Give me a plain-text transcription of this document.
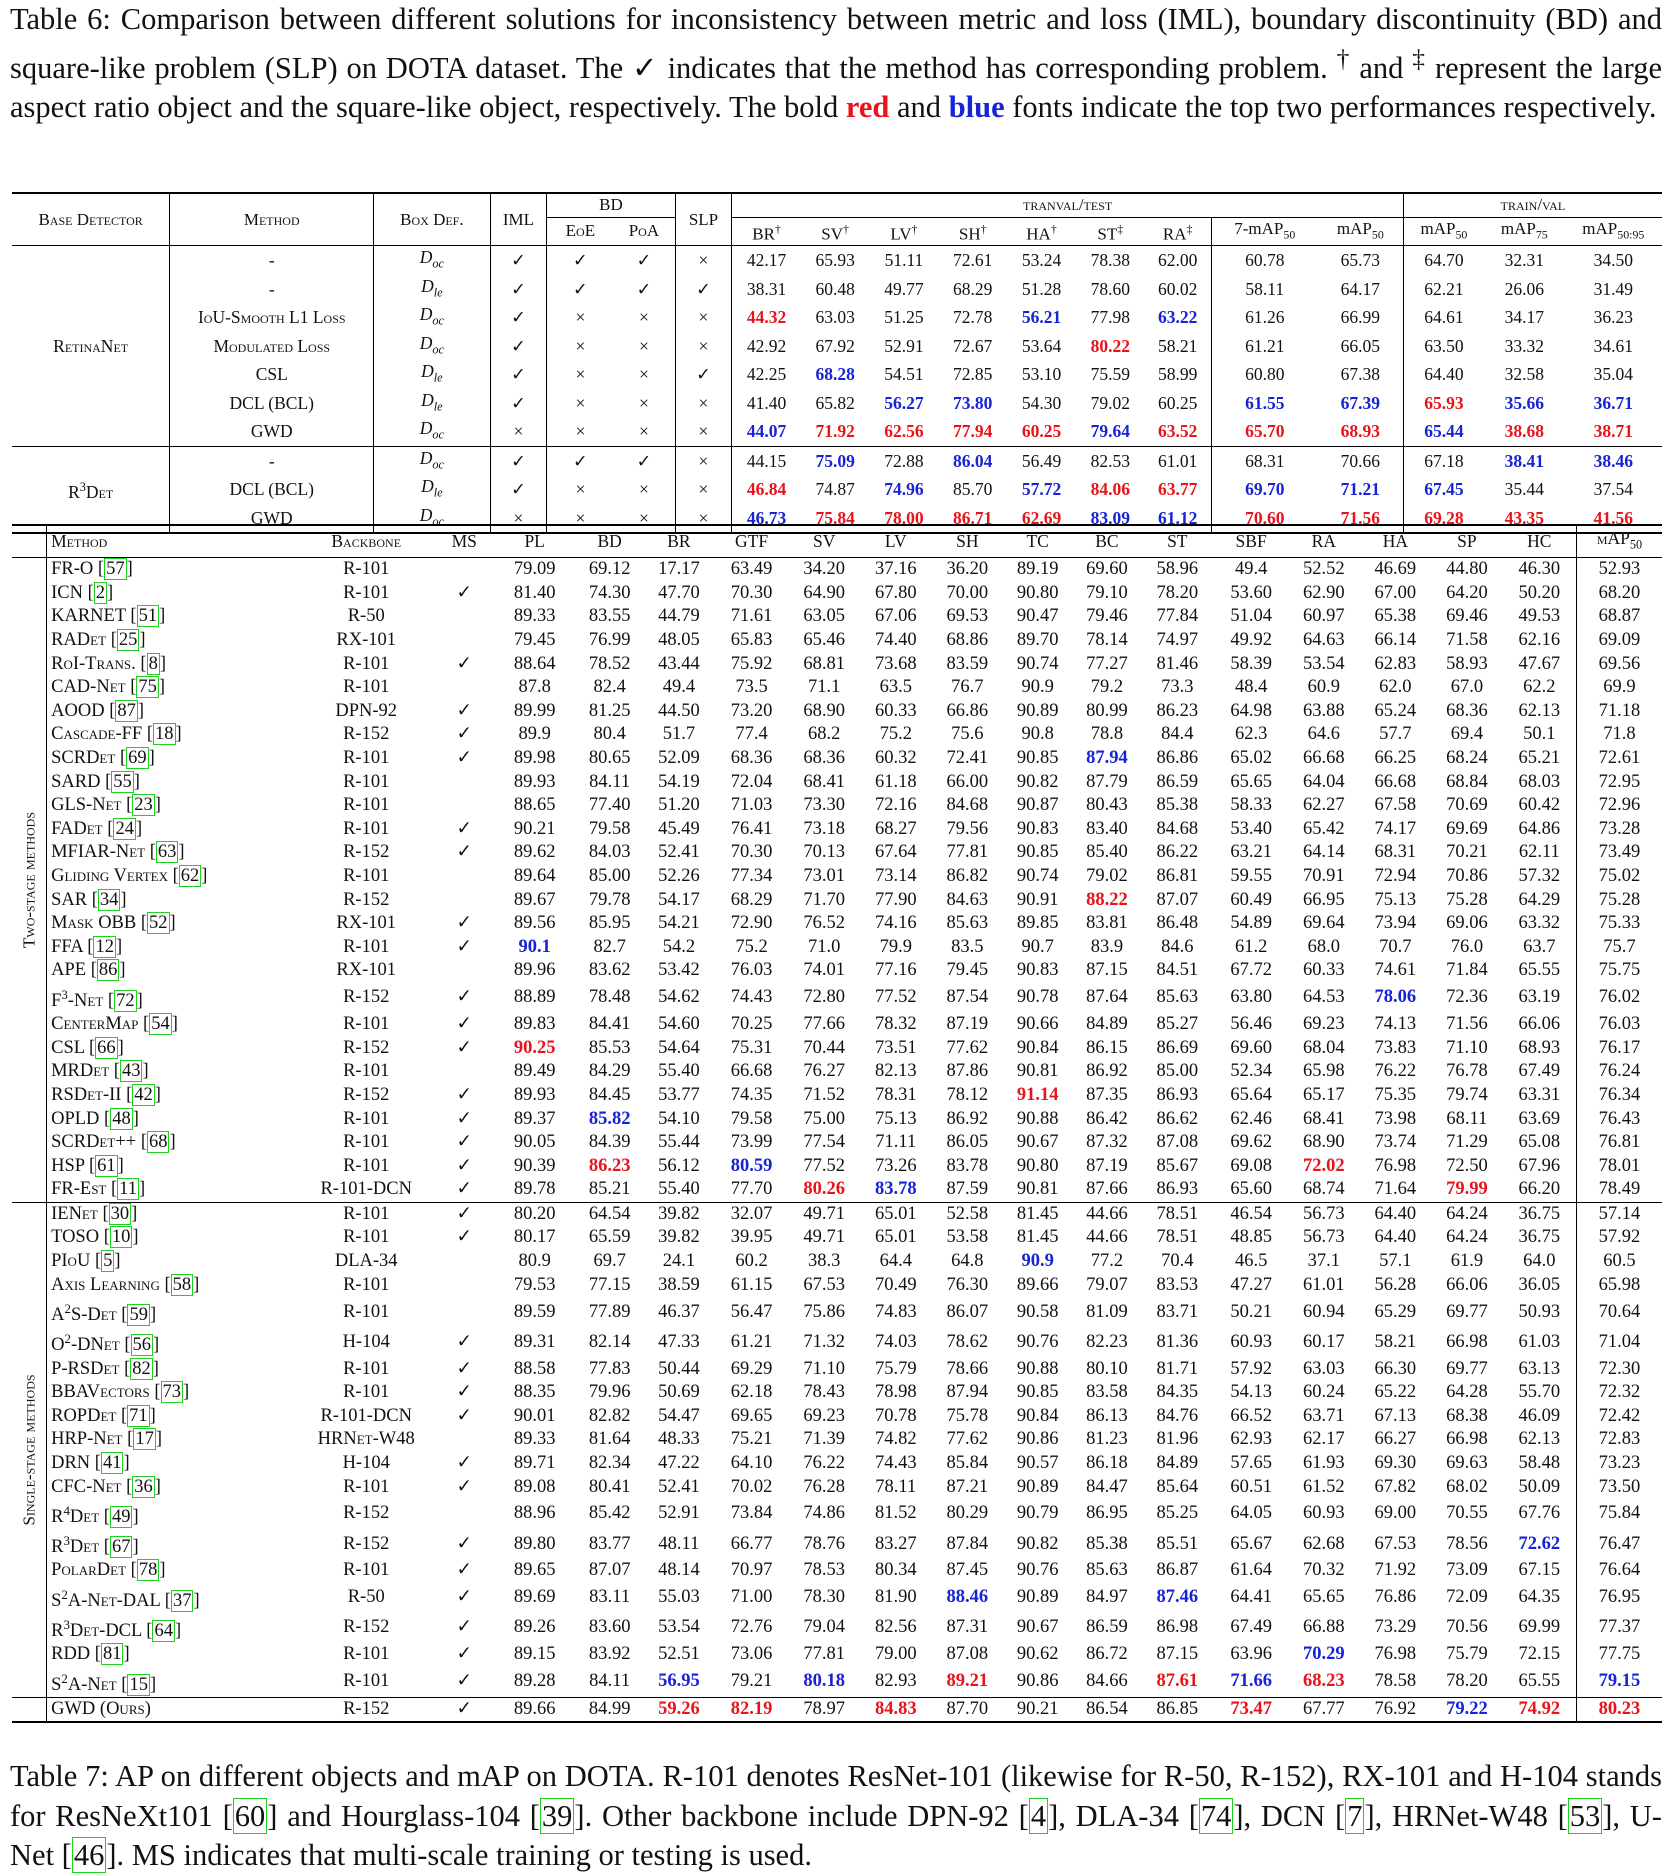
Table 6: Comparison between different solutions for inconsistency between metric and loss (IML), boundary discontinuity (BD) and square-like problem (SLP) on DOTA dataset. The ✓ indicates that the method has corresponding problem. † and ‡ represent the large aspect ratio object and the square-like object, respectively. The bold red and blue fonts indicate the top two performances respectively.
Base Detector	Method	Box Def.	IML	BD		SLP	tranval/test									train/val		
				EoE	PoA		BR†	SV†	LV†	SH†	HA†	ST‡	RA‡	7-mAP$_{50}$	mAP$_{50}$	mAP$_{50}$	mAP$_{75}$	mAP$_{50:95}$
RetinaNet	-	$D_{oc}$	✓	✓	✓	×	42.17	65.93	51.11	72.61	53.24	78.38	62.00	60.78	65.73	64.70	32.31	34.50
	-	$D_{le}$	✓	✓	✓	✓	38.31	60.48	49.77	68.29	51.28	78.60	60.02	58.11	64.17	62.21	26.06	31.49
	IoU-Smooth L1 Loss	$D_{oc}$	✓	×	×	×	44.32	63.03	51.25	72.78	56.21	77.98	63.22	61.26	66.99	64.61	34.17	36.23
	Modulated Loss	$D_{oc}$	✓	×	×	×	42.92	67.92	52.91	72.67	53.64	80.22	58.21	61.21	66.05	63.50	33.32	34.61
	CSL	$D_{le}$	✓	×	×	✓	42.25	68.28	54.51	72.85	53.10	75.59	58.99	60.80	67.38	64.40	32.58	35.04
	DCL (BCL)	$D_{le}$	✓	×	×	×	41.40	65.82	56.27	73.80	54.30	79.02	60.25	61.55	67.39	65.93	35.66	36.71
	GWD	$D_{oc}$	×	×	×	×	44.07	71.92	62.56	77.94	60.25	79.64	63.52	65.70	68.93	65.44	38.68	38.71
$R^3Det$	-	$D_{oc}$	✓	✓	✓	×	44.15	75.09	72.88	86.04	56.49	82.53	61.01	68.31	70.66	67.18	38.41	38.46
	DCL (BCL)	$D_{le}$	✓	×	×	×	46.84	74.87	74.96	85.70	57.72	84.06	63.77	69.70	71.21	67.45	35.44	37.54
	GWD	$D_{oc}$	×	×	×	×	46.73	75.84	78.00	86.71	62.69	83.09	61.12	70.60	71.56	69.28	43.35	41.56
	Method	Backbone	MS	PL	BD	BR	GTF	SV	LV	SH	TC	BC	ST	SBF	RA	HA	SP	HC	mAP$_{50}$

Two-stage methods	FR-O [ 57 ]	R-101		79.09	69.12	17.17	63.49	34.20	37.16	36.20	89.19	69.60	58.96	49.4	52.52	46.69	44.80	46.30	52.93
	ICN [ 2 ]	R-101	✓	81.40	74.30	47.70	70.30	64.90	67.80	70.00	90.80	79.10	78.20	53.60	62.90	67.00	64.20	50.20	68.20
	KARNET [ 51 ]	R-50		89.33	83.55	44.79	71.61	63.05	67.06	69.53	90.47	79.46	77.84	51.04	60.97	65.38	69.46	49.53	68.87
	RADet [ 25 ]	RX-101		79.45	76.99	48.05	65.83	65.46	74.40	68.86	89.70	78.14	74.97	49.92	64.63	66.14	71.58	62.16	69.09
	RoI-Trans. [ 8 ]	R-101	✓	88.64	78.52	43.44	75.92	68.81	73.68	83.59	90.74	77.27	81.46	58.39	53.54	62.83	58.93	47.67	69.56
	CAD-Net [ 75 ]	R-101		87.8	82.4	49.4	73.5	71.1	63.5	76.7	90.9	79.2	73.3	48.4	60.9	62.0	67.0	62.2	69.9
	AOOD [ 87 ]	DPN-92	✓	89.99	81.25	44.50	73.20	68.90	60.33	66.86	90.89	80.99	86.23	64.98	63.88	65.24	68.36	62.13	71.18
	Cascade-FF [ 18 ]	R-152	✓	89.9	80.4	51.7	77.4	68.2	75.2	75.6	90.8	78.8	84.4	62.3	64.6	57.7	69.4	50.1	71.8
	SCRDet [ 69 ]	R-101	✓	89.98	80.65	52.09	68.36	68.36	60.32	72.41	90.85	87.94	86.86	65.02	66.68	66.25	68.24	65.21	72.61
	SARD [ 55 ]	R-101		89.93	84.11	54.19	72.04	68.41	61.18	66.00	90.82	87.79	86.59	65.65	64.04	66.68	68.84	68.03	72.95
	GLS-Net [ 23 ]	R-101		88.65	77.40	51.20	71.03	73.30	72.16	84.68	90.87	80.43	85.38	58.33	62.27	67.58	70.69	60.42	72.96
	FADet [ 24 ]	R-101	✓	90.21	79.58	45.49	76.41	73.18	68.27	79.56	90.83	83.40	84.68	53.40	65.42	74.17	69.69	64.86	73.28
	MFIAR-Net [ 63 ]	R-152	✓	89.62	84.03	52.41	70.30	70.13	67.64	77.81	90.85	85.40	86.22	63.21	64.14	68.31	70.21	62.11	73.49
	Gliding Vertex [ 62 ]	R-101		89.64	85.00	52.26	77.34	73.01	73.14	86.82	90.74	79.02	86.81	59.55	70.91	72.94	70.86	57.32	75.02
	SAR [ 34 ]	R-152		89.67	79.78	54.17	68.29	71.70	77.90	84.63	90.91	88.22	87.07	60.49	66.95	75.13	75.28	64.29	75.28
	Mask OBB [ 52 ]	RX-101	✓	89.56	85.95	54.21	72.90	76.52	74.16	85.63	89.85	83.81	86.48	54.89	69.64	73.94	69.06	63.32	75.33
	FFA [ 12 ]	R-101	✓	90.1	82.7	54.2	75.2	71.0	79.9	83.5	90.7	83.9	84.6	61.2	68.0	70.7	76.0	63.7	75.7
	APE [ 86 ]	RX-101		89.96	83.62	53.42	76.03	74.01	77.16	79.45	90.83	87.15	84.51	67.72	60.33	74.61	71.84	65.55	75.75
	$F^3$-Net [ 72 ]	R-152	✓	88.89	78.48	54.62	74.43	72.80	77.52	87.54	90.78	87.64	85.63	63.80	64.53	78.06	72.36	63.19	76.02
	CenterMap [ 54 ]	R-101	✓	89.83	84.41	54.60	70.25	77.66	78.32	87.19	90.66	84.89	85.27	56.46	69.23	74.13	71.56	66.06	76.03
	CSL [ 66 ]	R-152	✓	90.25	85.53	54.64	75.31	70.44	73.51	77.62	90.84	86.15	86.69	69.60	68.04	73.83	71.10	68.93	76.17
	MRDet [ 43 ]	R-101		89.49	84.29	55.40	66.68	76.27	82.13	87.86	90.81	86.92	85.00	52.34	65.98	76.22	76.78	67.49	76.24
	RSDet-II [ 42 ]	R-152	✓	89.93	84.45	53.77	74.35	71.52	78.31	78.12	91.14	87.35	86.93	65.64	65.17	75.35	79.74	63.31	76.34
	OPLD [ 48 ]	R-101	✓	89.37	85.82	54.10	79.58	75.00	75.13	86.92	90.88	86.42	86.62	62.46	68.41	73.98	68.11	63.69	76.43
	SCRDet++ [ 68 ]	R-101	✓	90.05	84.39	55.44	73.99	77.54	71.11	86.05	90.67	87.32	87.08	69.62	68.90	73.74	71.29	65.08	76.81
	HSP [ 61 ]	R-101	✓	90.39	86.23	56.12	80.59	77.52	73.26	83.78	90.80	87.19	85.67	69.08	72.02	76.98	72.50	67.96	78.01
	FR-Est [ 11 ]	R-101-DCN	✓	89.78	85.21	55.40	77.70	80.26	83.78	87.59	90.81	87.66	86.93	65.60	68.74	71.64	79.99	66.20	78.49

Single-stage methods	IENet [ 30 ]	R-101	✓	80.20	64.54	39.82	32.07	49.71	65.01	52.58	81.45	44.66	78.51	46.54	56.73	64.40	64.24	36.75	57.14
	TOSO [ 10 ]	R-101	✓	80.17	65.59	39.82	39.95	49.71	65.01	53.58	81.45	44.66	78.51	48.85	56.73	64.40	64.24	36.75	57.92
	PIoU [ 5 ]	DLA-34		80.9	69.7	24.1	60.2	38.3	64.4	64.8	90.9	77.2	70.4	46.5	37.1	57.1	61.9	64.0	60.5
	Axis Learning [ 58 ]	R-101		79.53	77.15	38.59	61.15	67.53	70.49	76.30	89.66	79.07	83.53	47.27	61.01	56.28	66.06	36.05	65.98
	$A^2S$-Det [ 59 ]	R-101		89.59	77.89	46.37	56.47	75.86	74.83	86.07	90.58	81.09	83.71	50.21	60.94	65.29	69.77	50.93	70.64
	$O^2$-DNet [ 56 ]	H-104	✓	89.31	82.14	47.33	61.21	71.32	74.03	78.62	90.76	82.23	81.36	60.93	60.17	58.21	66.98	61.03	71.04
	P-RSDet [ 82 ]	R-101	✓	88.58	77.83	50.44	69.29	71.10	75.79	78.66	90.88	80.10	81.71	57.92	63.03	66.30	69.77	63.13	72.30
	BBAVectors [ 73 ]	R-101	✓	88.35	79.96	50.69	62.18	78.43	78.98	87.94	90.85	83.58	84.35	54.13	60.24	65.22	64.28	55.70	72.32
	ROPDet [ 71 ]	R-101-DCN	✓	90.01	82.82	54.47	69.65	69.23	70.78	75.78	90.84	86.13	84.76	66.52	63.71	67.13	68.38	46.09	72.42
	HRP-Net [ 17 ]	HRNet-W48		89.33	81.64	48.33	75.21	71.39	74.82	77.62	90.86	81.23	81.96	62.93	62.17	66.27	66.98	62.13	72.83
	DRN [ 41 ]	H-104	✓	89.71	82.34	47.22	64.10	76.22	74.43	85.84	90.57	86.18	84.89	57.65	61.93	69.30	69.63	58.48	73.23
	CFC-Net [ 36 ]	R-101	✓	89.08	80.41	52.41	70.02	76.28	78.11	87.21	90.89	84.47	85.64	60.51	61.52	67.82	68.02	50.09	73.50
	$R^4Det$ [ 49 ]	R-152		88.96	85.42	52.91	73.84	74.86	81.52	80.29	90.79	86.95	85.25	64.05	60.93	69.00	70.55	67.76	75.84
	$R^3Det$ [ 67 ]	R-152	✓	89.80	83.77	48.11	66.77	78.76	83.27	87.84	90.82	85.38	85.51	65.67	62.68	67.53	78.56	72.62	76.47
	PolarDet [ 78 ]	R-101	✓	89.65	87.07	48.14	70.97	78.53	80.34	87.45	90.76	85.63	86.87	61.64	70.32	71.92	73.09	67.15	76.64
	$S^2A-Net$-DAL [ 37 ]	R-50	✓	89.69	83.11	55.03	71.00	78.30	81.90	88.46	90.89	84.97	87.46	64.41	65.65	76.86	72.09	64.35	76.95
	$R^3Det$-DCL [ 64 ]	R-152	✓	89.26	83.60	53.54	72.76	79.04	82.56	87.31	90.67	86.59	86.98	67.49	66.88	73.29	70.56	69.99	77.37
	RDD [ 81 ]	R-101	✓	89.15	83.92	52.51	73.06	77.81	79.00	87.08	90.62	86.72	87.15	63.96	70.29	76.98	75.79	72.15	77.75
	$S^2A$-Net [ 15 ]	R-101	✓	89.28	84.11	56.95	79.21	80.18	82.93	89.21	90.86	84.66	87.61	71.66	68.23	78.58	78.20	65.55	79.15
	GWD (Ours)	R-152	✓	89.66	84.99	59.26	82.19	78.97	84.83	87.70	90.21	86.54	86.85	73.47	67.77	76.92	79.22	74.92	80.23
Table 7: AP on different objects and mAP on DOTA. R-101 denotes ResNet-101 (likewise for R-50, R-152), RX-101 and H-104 stands for ResNeXt101 [60] and Hourglass-104 [39]. Other backbone include DPN-92 [4], DLA-34 [74], DCN [7], HRNet-W48 [53], U-Net [46]. MS indicates that multi-scale training or testing is used.
